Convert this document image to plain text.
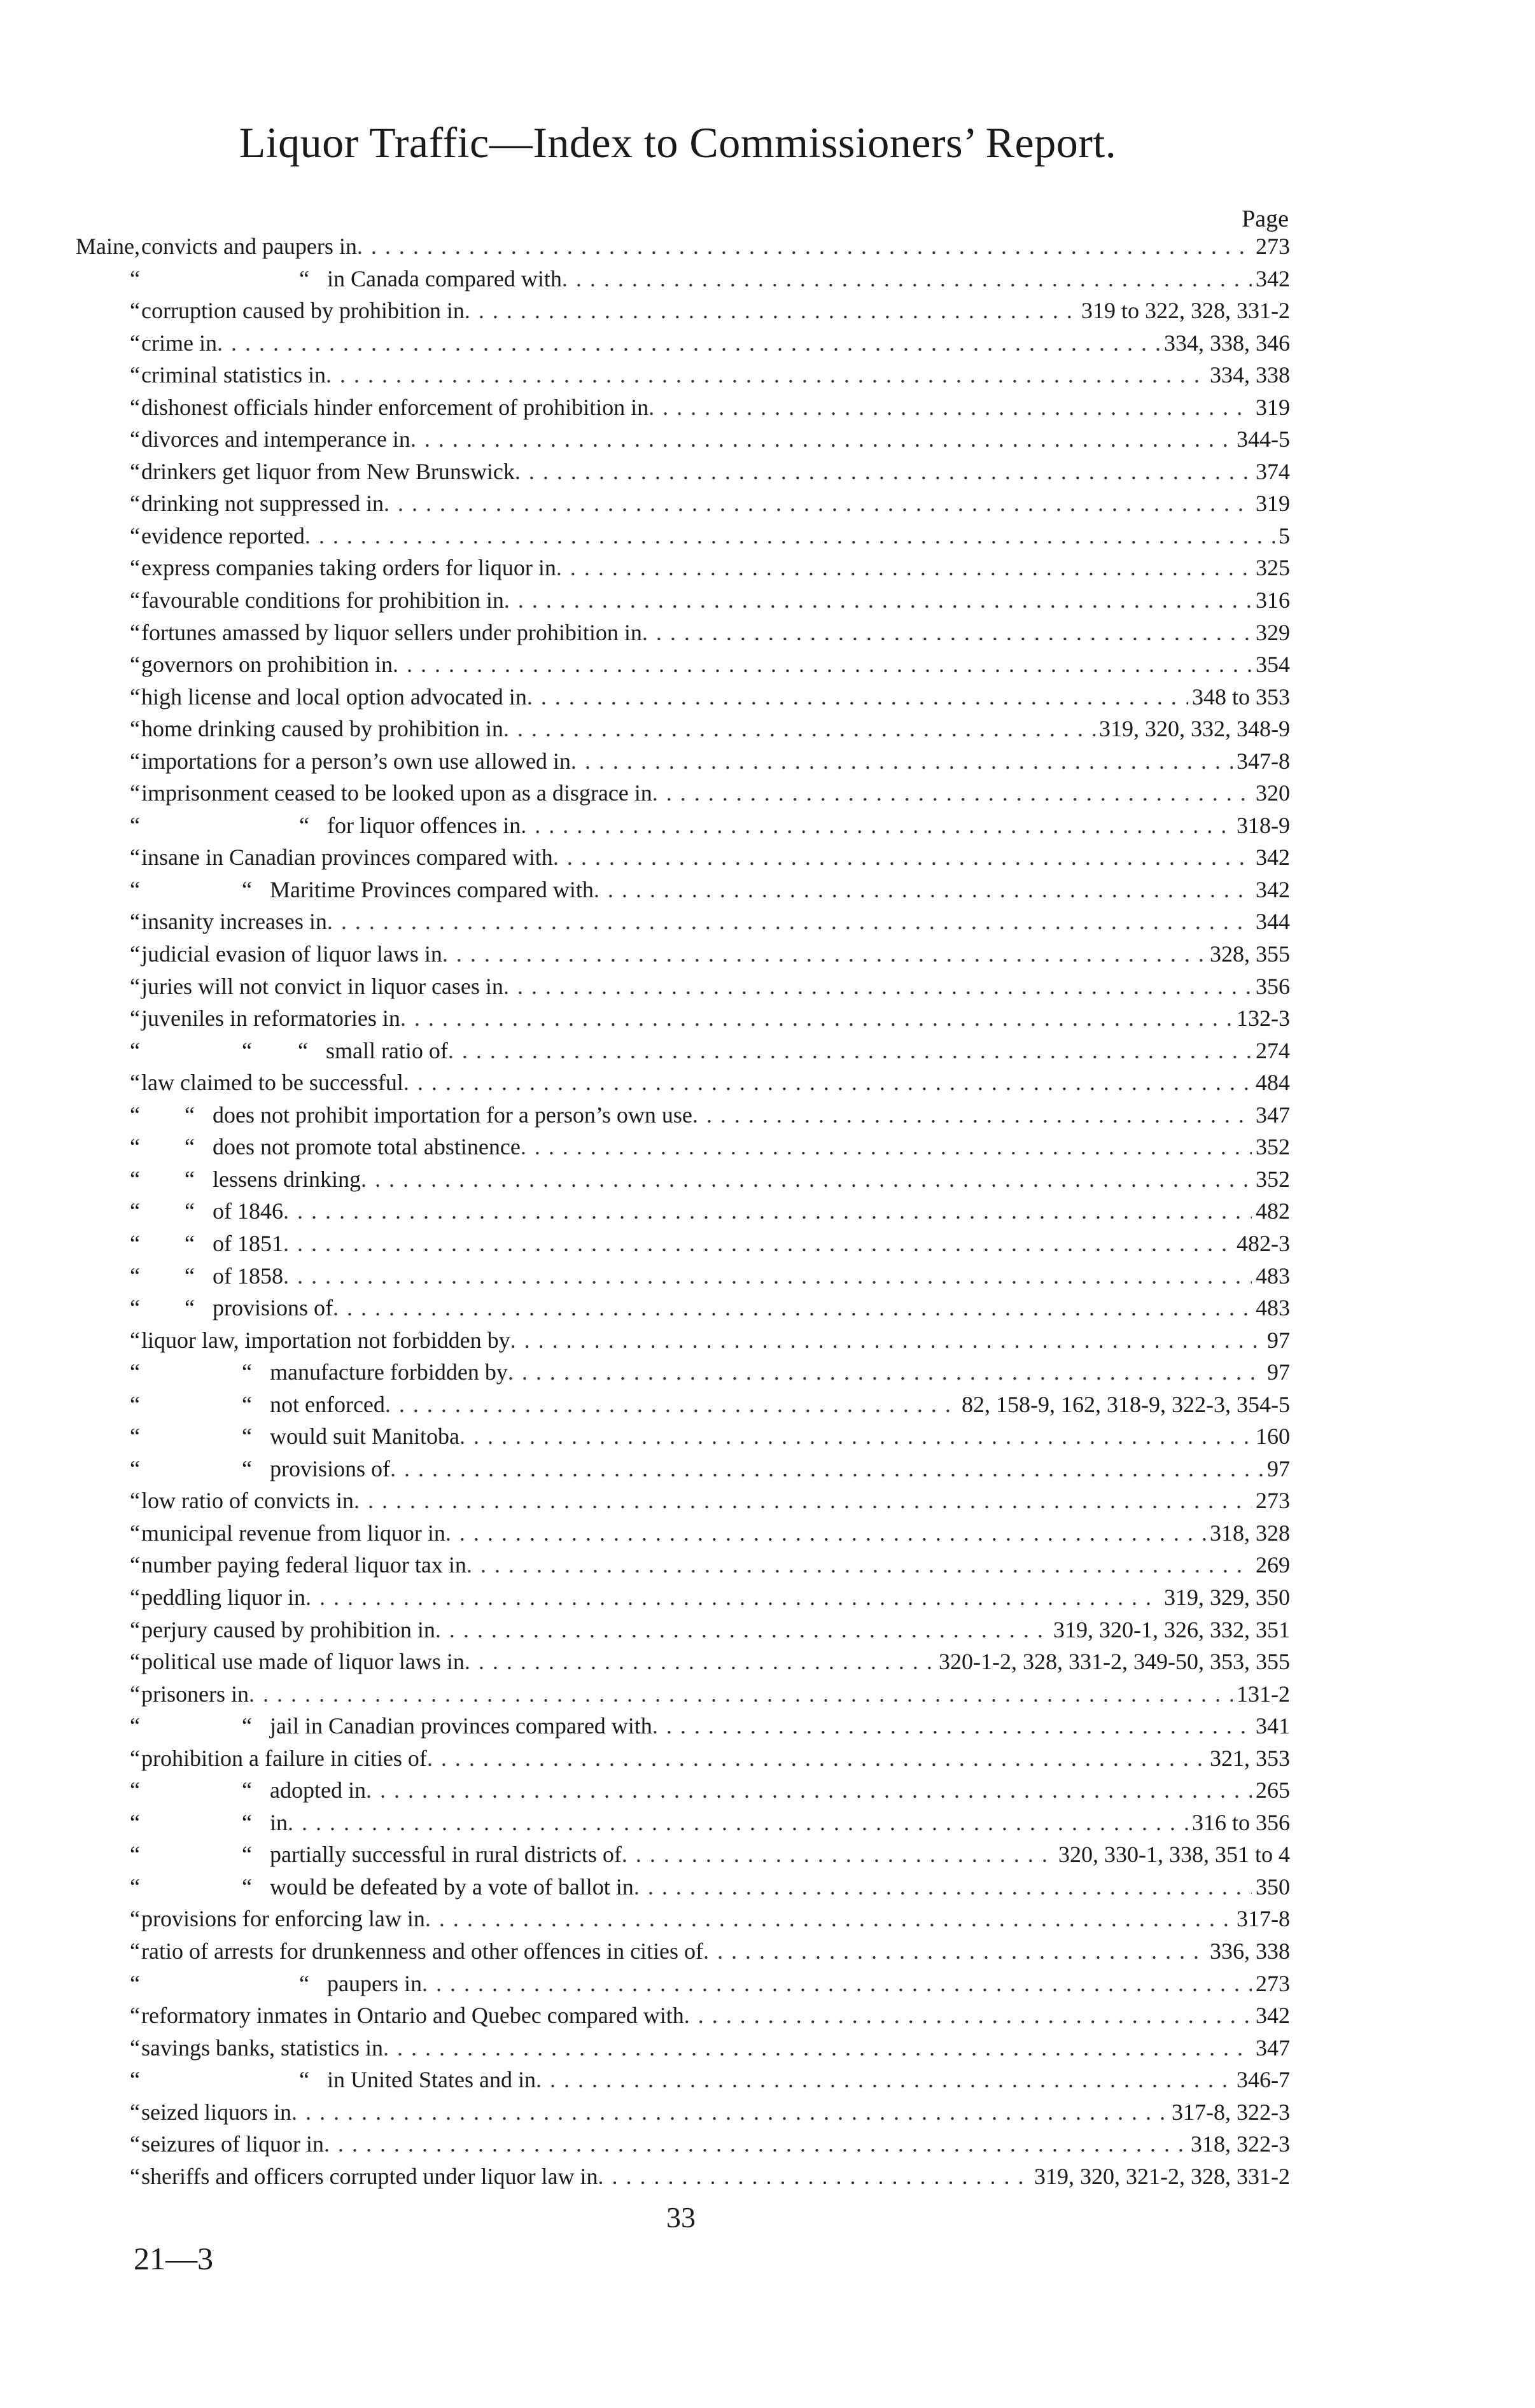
Liquor Traffic—Index to Commissioners’ Report.
Page
Maine, convicts and paupers in . . .	273
“	“ in Canada compared with . . .	342
“ corruption caused by prohibition in . . .	319 to 322, 328, 331-2
“ crime in . . .	334, 338, 346
“ criminal statistics in . . .	334, 338
“ dishonest officials hinder enforcement of prohibition in . . .	319
“ divorces and intemperance in . . .	344-5
“ drinkers get liquor from New Brunswick . . .	374
“ drinking not suppressed in . . .	319
“ evidence reported . . .	5
“ express companies taking orders for liquor in . . .	325
“ favourable conditions for prohibition in . . .	316
“ fortunes amassed by liquor sellers under prohibition in . . .	329
“ governors on prohibition in . . .	354
“ high license and local option advocated in . . .	348 to 353
“ home drinking caused by prohibition in . . .	319, 320, 332, 348-9
“ importations for a person’s own use allowed in . . .	347-8
“ imprisonment ceased to be looked upon as a disgrace in . . .	320
“	“ for liquor offences in . . .	318-9
“ insane in Canadian provinces compared with . . .	342
“	“ Maritime Provinces compared with . . .	342
“ insanity increases in . . .	344
“ judicial evasion of liquor laws in . . .	328, 355
“ juries will not convict in liquor cases in . . .	356
“ juveniles in reformatories in . . .	132-3
“	“        “ small ratio of . . .	274
“ law claimed to be successful . . .	484
“ “ does not prohibit importation for a person’s own use . . .	347
“ “ does not promote total abstinence . . .	352
“ “ lessens drinking . . .	352
“ “ of 1846 . . .	482
“ “ of 1851 . . .	482-3
“ “ of 1858 . . .	483
“ “ provisions of . . .	483
“ liquor law, importation not forbidden by . . .	97
“	“ manufacture forbidden by . . .	97
“	“ not enforced . . .	82, 158-9, 162, 318-9, 322-3, 354-5
“	“ would suit Manitoba . . .	160
“	“ provisions of . . .	97
“ low ratio of convicts in . . .	273
“ municipal revenue from liquor in . . .	318, 328
“ number paying federal liquor tax in . . .	269
“ peddling liquor in . . .	319, 329, 350
“ perjury caused by prohibition in . . .	319, 320-1, 326, 332, 351
“ political use made of liquor laws in . . .	320-1-2, 328, 331-2, 349-50, 353, 355
“ prisoners in . . .	131-2
“	“ jail in Canadian provinces compared with . . .	341
“ prohibition a failure in cities of . . .	321, 353
“	“ adopted in . . .	265
“	“ in . . .	316 to 356
“	“ partially successful in rural districts of . . .	320, 330-1, 338, 351 to 4
“	“ would be defeated by a vote of ballot in . . .	350
“ provisions for enforcing law in . . .	317-8
“ ratio of arrests for drunkenness and other offences in cities of . . .	336, 338
“	“ paupers in . . .	273
“ reformatory inmates in Ontario and Quebec compared with . . .	342
“ savings banks, statistics in . . .	347
“	“ in United States and in . . .	346-7
“ seized liquors in . . .	317-8, 322-3
“ seizures of liquor in . . .	318, 322-3
“ sheriffs and officers corrupted under liquor law in . . .	319, 320, 321-2, 328, 331-2
33
21—3
